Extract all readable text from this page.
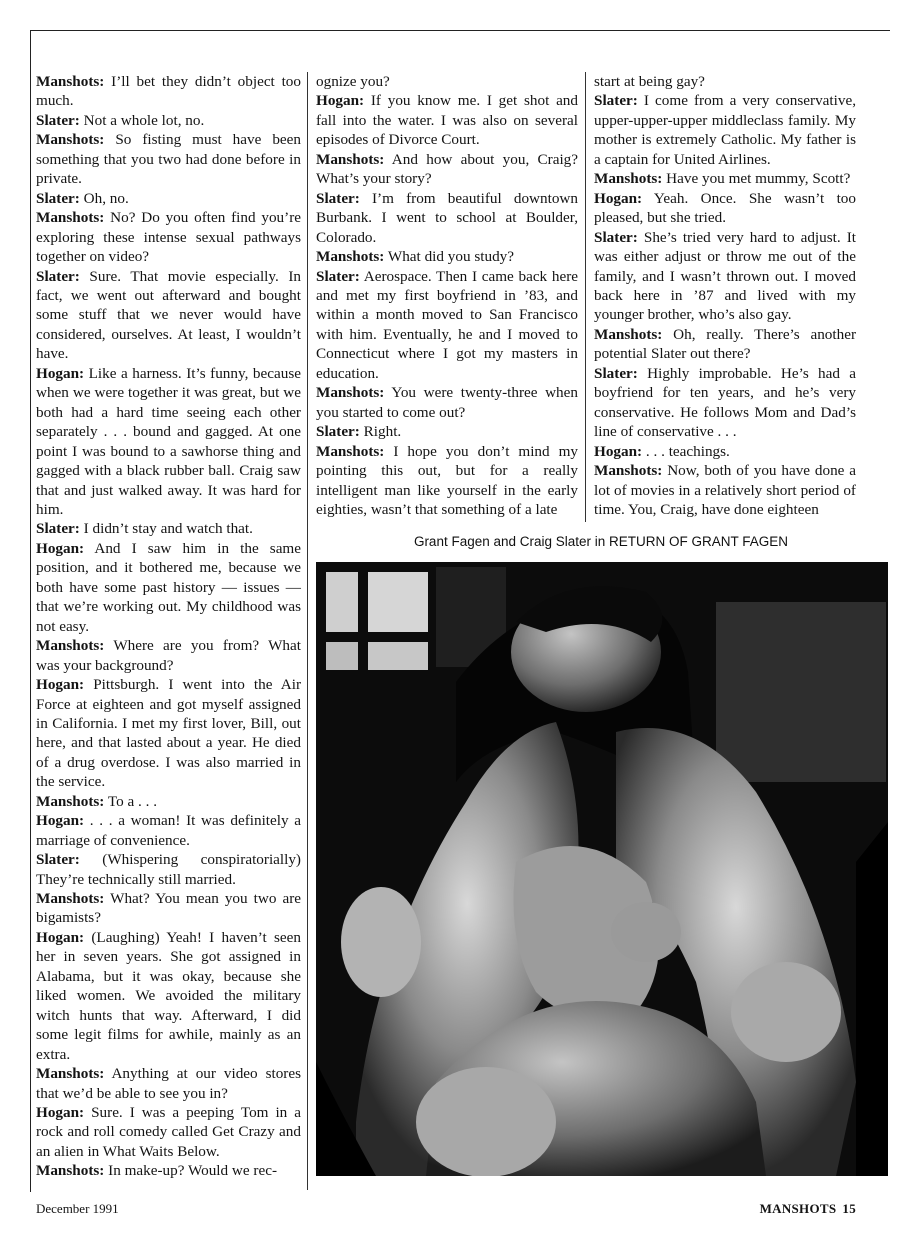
Manshots: I’ll bet they didn’t object too much.

Slater: Not a whole lot, no.

Manshots: So fisting must have been something that you two had done before in private.

Slater: Oh, no.

Manshots: No? Do you often find you’re exploring these intense sexual pathways together on video?

Slater: Sure. That movie especially. In fact, we went out afterward and bought some stuff that we never would have considered, ourselves. At least, I wouldn’t have.

Hogan: Like a harness. It’s funny, because when we were together it was great, but we both had a hard time seeing each other separately . . . bound and gagged. At one point I was bound to a sawhorse thing and gagged with a black rubber ball. Craig saw that and just walked away. It was hard for him.

Slater: I didn’t stay and watch that.

Hogan: And I saw him in the same position, and it bothered me, because we both have some past history — issues — that we’re working out. My childhood was not easy.

Manshots: Where are you from? What was your background?

Hogan: Pittsburgh. I went into the Air Force at eighteen and got myself assigned in California. I met my first lover, Bill, out here, and that lasted about a year. He died of a drug overdose. I was also married in the service.

Manshots: To a . . .

Hogan: . . . a woman! It was definitely a marriage of convenience.

Slater: (Whispering conspiratorially) They’re technically still married.

Manshots: What? You mean you two are bigamists?

Hogan: (Laughing) Yeah! I haven’t seen her in seven years. She got assigned in Alabama, but it was okay, because she liked women. We avoided the military witch hunts that way. Afterward, I did some legit films for awhile, mainly as an extra.

Manshots: Anything at our video stores that we’d be able to see you in?

Hogan: Sure. I was a peeping Tom in a rock and roll comedy called Get Crazy and an alien in What Waits Below.

Manshots: In make-up? Would we rec-

ognize you?

Hogan: If you know me. I get shot and fall into the water. I was also on several episodes of Divorce Court.

Manshots: And how about you, Craig? What’s your story?

Slater: I’m from beautiful downtown Burbank. I went to school at Boulder, Colorado.

Manshots: What did you study?

Slater: Aerospace. Then I came back here and met my first boyfriend in ’83, and within a month moved to San Francisco with him. Eventually, he and I moved to Connecticut where I got my masters in education.

Manshots: You were twenty-three when you started to come out?

Slater: Right.

Manshots: I hope you don’t mind my pointing this out, but for a really intelligent man like yourself in the early eighties, wasn’t that something of a late

start at being gay?

Slater: I come from a very conservative, upper-upper-upper middleclass family. My mother is extremely Catholic. My father is a captain for United Airlines.

Manshots: Have you met mummy, Scott?

Hogan: Yeah. Once. She wasn’t too pleased, but she tried.

Slater: She’s tried very hard to adjust. It was either adjust or throw me out of the family, and I wasn’t thrown out. I moved back here in ’87 and lived with my younger brother, who’s also gay.

Manshots: Oh, really. There’s another potential Slater out there?

Slater: Highly improbable. He’s had a boyfriend for ten years, and he’s very conservative. He follows Mom and Dad’s line of conservative . . .

Hogan: . . . teachings.

Manshots: Now, both of you have done a lot of movies in a relatively short period of time. You, Craig, have done eighteen

Grant Fagen and Craig Slater in RETURN OF GRANT FAGEN
December 1991	MANSHOTS 15
